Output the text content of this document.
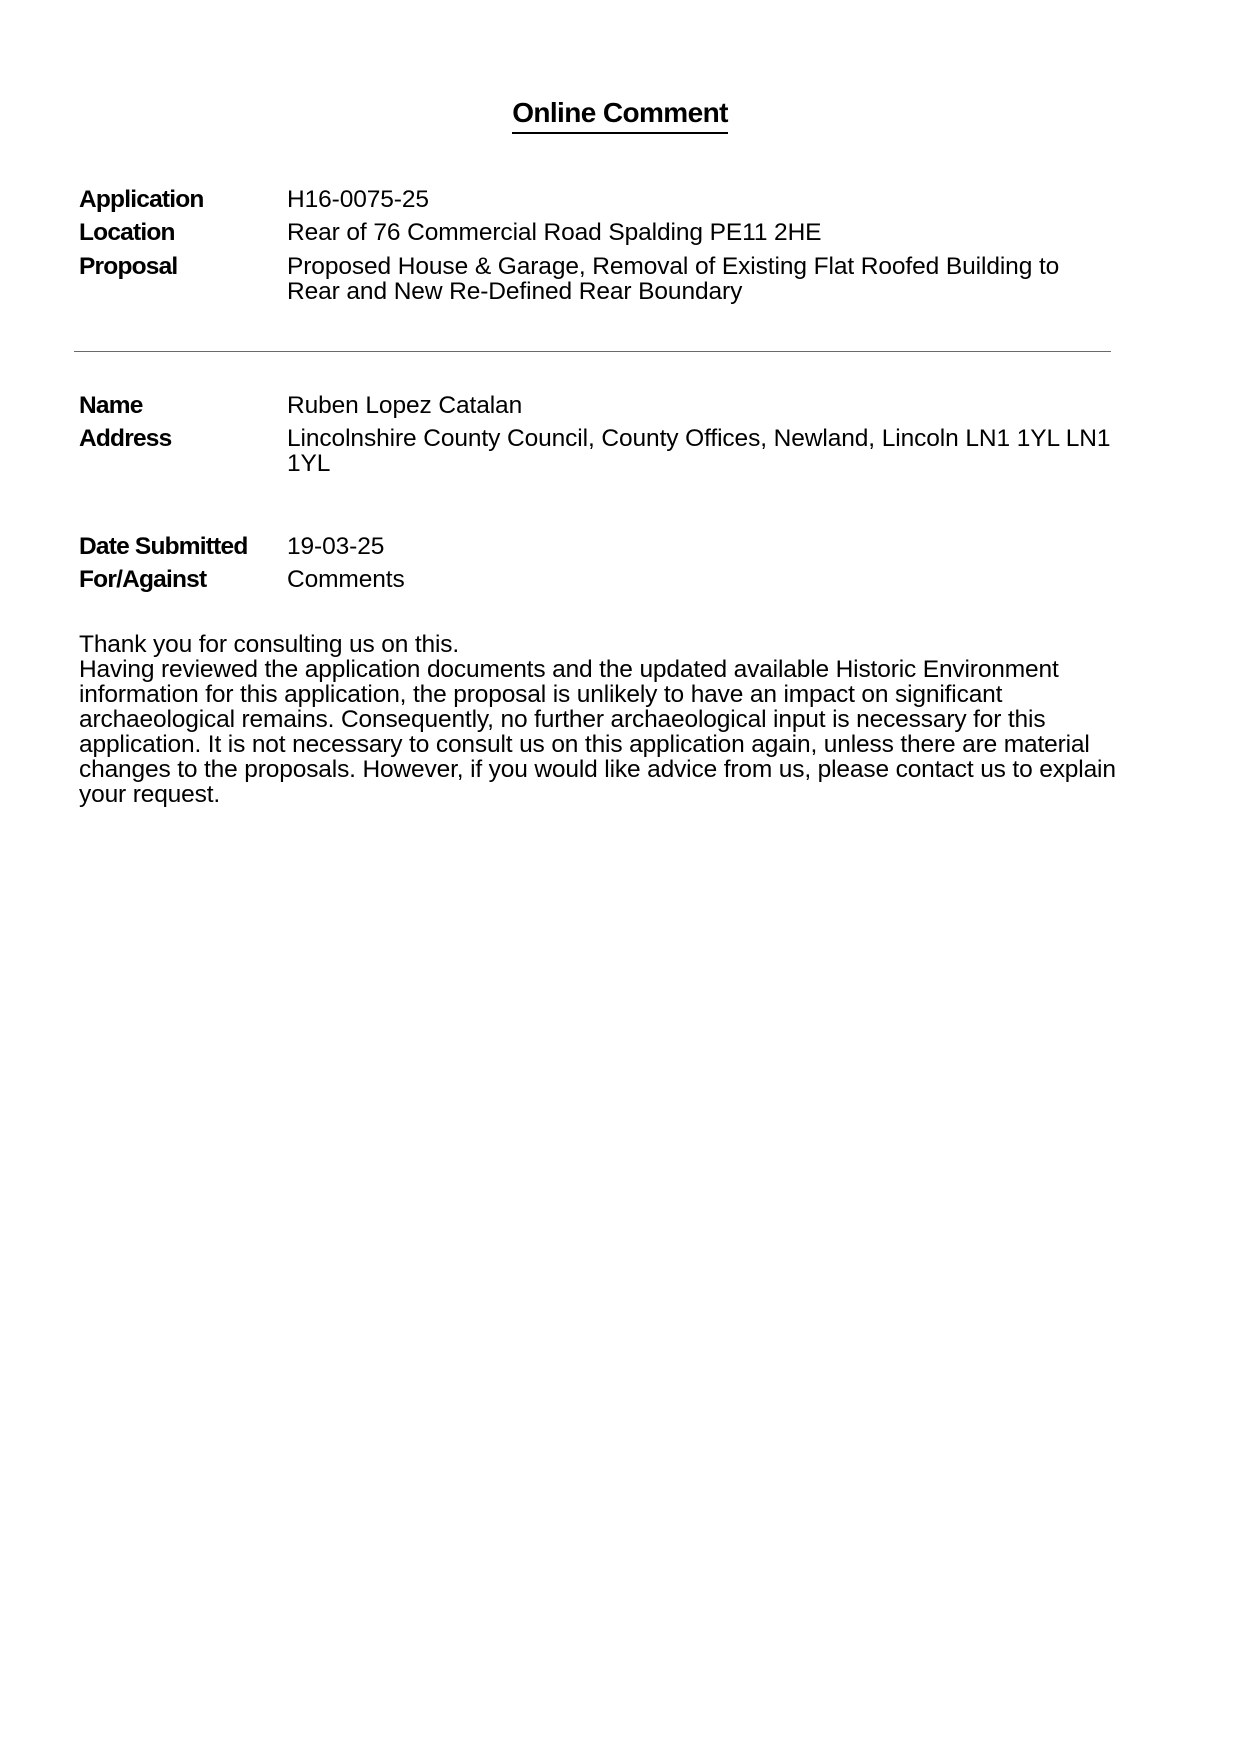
Online Comment
Application	H16-0075-25
Location	Rear of 76 Commercial Road Spalding PE11 2HE
Proposal	Proposed House & Garage, Removal of Existing Flat Roofed Building to Rear and New Re-Defined Rear Boundary
Name	Ruben Lopez Catalan
Address	Lincolnshire County Council, County Offices, Newland, Lincoln LN1 1YL LN1 1YL
Date Submitted	19-03-25
For/Against	Comments

Thank you for consulting us on this.

Having reviewed the application documents and the updated available Historic Environment information for this application, the proposal is unlikely to have an impact on significant archaeological remains. Consequently, no further archaeological input is necessary for this application. It is not necessary to consult us on this application again, unless there are material changes to the proposals. However, if you would like advice from us, please contact us to explain your request.
